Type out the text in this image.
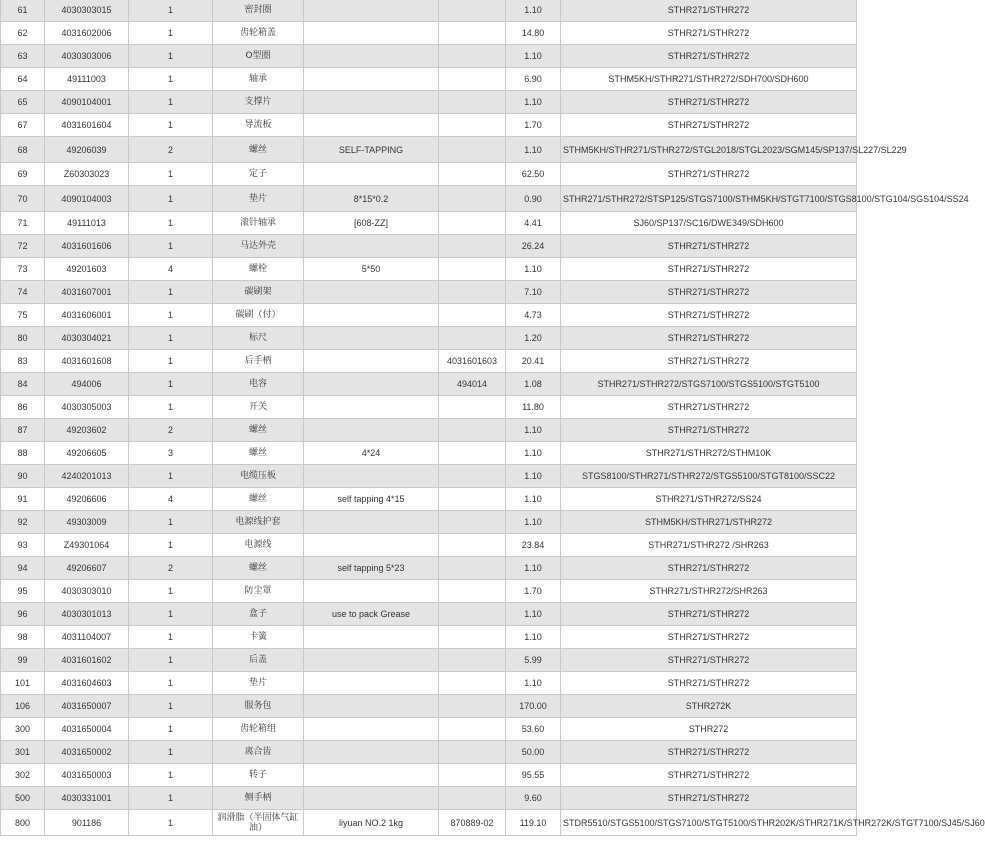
61	4030303015	1	密封圈			1.10	STHR271/STHR272
62	4031602006	1	齿轮箱盖			14.80	STHR271/STHR272
63	4030303006	1	O型圈			1.10	STHR271/STHR272
64	49111003	1	轴承			6.90	STHM5KH/STHR271/STHR272/SDH700/SDH600
65	4090104001	1	支撑片			1.10	STHR271/STHR272
67	4031601604	1	导流板			1.70	STHR271/STHR272
68	49206039	2	螺丝	SELF-TAPPING		1.10	STHM5KH/STHR271/STHR272/STGL2018/STGL2023/SGM145/SP137/SL227/SL229
69	Z60303023	1	定子			62.50	STHR271/STHR272
70	4090104003	1	垫片	8*15*0.2		0.90	STHR271/STHR272/STSP125/STGS7100/STHM5KH/STGT7100/STGS8100/STG104/SGS104/SS24
71	49111013	1	滚针轴承	[608-ZZ]		4.41	SJ60/SP137/SC16/DWE349/SDH600
72	4031601606	1	马达外壳			26.24	STHR271/STHR272
73	49201603	4	螺栓	5*50		1.10	STHR271/STHR272
74	4031607001	1	碳刷架			7.10	STHR271/STHR272
75	4031606001	1	碳刷（付）			4.73	STHR271/STHR272
80	4030304021	1	标尺			1.20	STHR271/STHR272
83	4031601608	1	后手柄		4031601603	20.41	STHR271/STHR272
84	494006	1	电容		494014	1.08	STHR271/STHR272/STGS7100/STGS5100/STGT5100
86	4030305003	1	开关			11.80	STHR271/STHR272
87	49203602	2	螺丝			1.10	STHR271/STHR272
88	49206605	3	螺丝	4*24		1.10	STHR271/STHR272/STHM10K
90	4240201013	1	电缆压板			1.10	STGS8100/STHR271/STHR272/STGS5100/STGT8100/SSC22
91	49206606	4	螺丝	self tapping 4*15		1.10	STHR271/STHR272/SS24
92	49303009	1	电源线护套			1.10	STHM5KH/STHR271/STHR272
93	Z49301064	1	电源线			23.84	STHR271/STHR272 /SHR263
94	49206607	2	螺丝	self tapping 5*23		1.10	STHR271/STHR272
95	4030303010	1	防尘罩			1.70	STHR271/STHR272/SHR263
96	4030301013	1	盒子	use to pack Grease		1.10	STHR271/STHR272
98	4031104007	1	卡簧			1.10	STHR271/STHR272
99	4031601602	1	后盖			5.99	STHR271/STHR272
101	4031604603	1	垫片			1.10	STHR271/STHR272
106	4031650007	1	服务包			170.00	STHR272K
300	4031650004	1	齿轮箱组			53.60	STHR272
301	4031650002	1	离合齿			50.00	STHR271/STHR272
302	4031650003	1	转子			95.55	STHR271/STHR272
500	4030331001	1	侧手柄			9.60	STHR271/STHR272
800	901186	1	润滑脂（半固体气缸油）	liyuan NO.2 1kg	870889-02	119.10	STDR5510/STGS5100/STGS7100/STGT5100/STHR202K/STHR271K/STHR272K/STGT7100/SJ45/SJ60
